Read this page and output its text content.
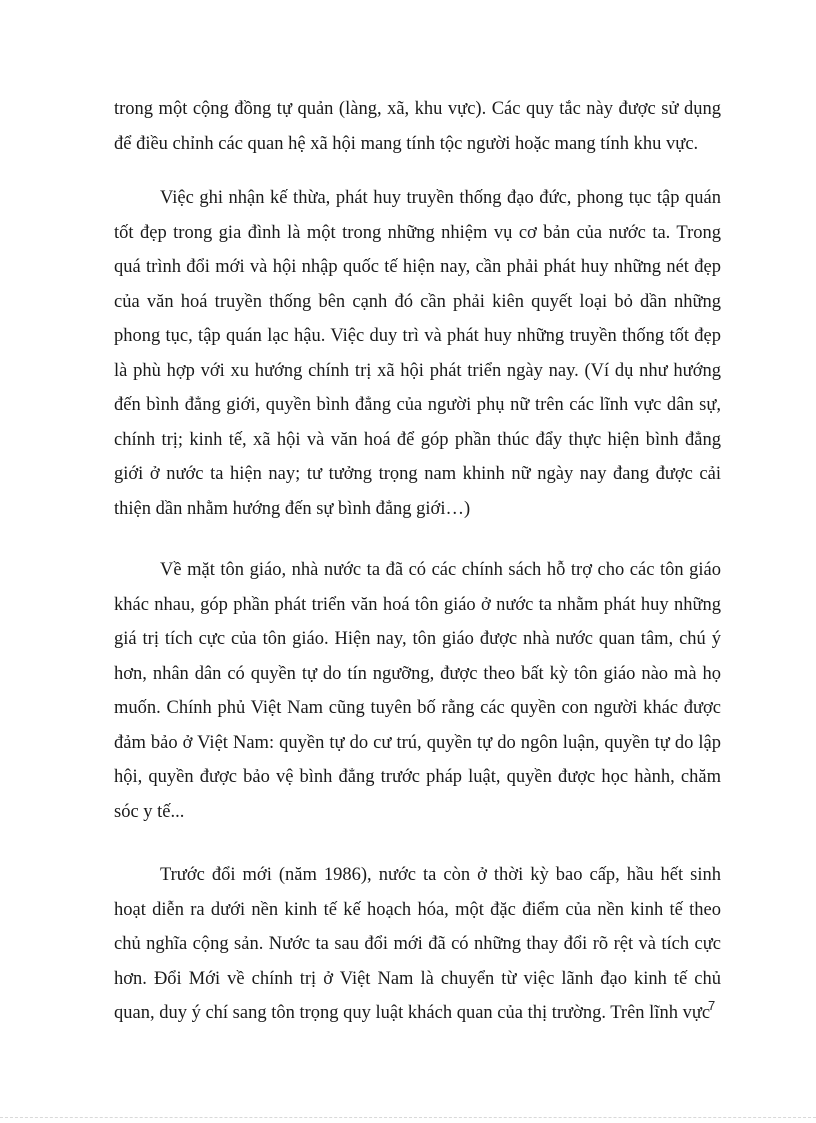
trong một cộng đồng tự quản (làng, xã, khu vực). Các quy tắc này được sử dụng để điều chỉnh các quan hệ xã hội mang tính tộc người hoặc mang tính khu vực.

Việc ghi nhận kế thừa, phát huy truyền thống đạo đức, phong tục tập quán tốt đẹp trong gia đình là một trong những nhiệm vụ cơ bản của nước ta. Trong quá trình đổi mới và hội nhập quốc tế hiện nay, cần phải phát huy những nét đẹp của văn hoá truyền thống bên cạnh đó cần phải kiên quyết loại bỏ dần những phong tục, tập quán lạc hậu. Việc duy trì và phát huy những truyền thống tốt đẹp là phù hợp với xu hướng chính trị xã hội phát triển ngày nay. (Ví dụ như hướng đến bình đẳng giới, quyền bình đẳng của người phụ nữ trên các lĩnh vực dân sự, chính trị; kinh tế, xã hội và văn hoá để góp phần thúc đẩy thực hiện bình đẳng giới ở nước ta hiện nay; tư tưởng trọng nam khinh nữ ngày nay đang được cải thiện dần nhằm hướng đến sự bình đẳng giới…)

Về mặt tôn giáo, nhà nước ta đã có các chính sách hỗ trợ cho các tôn giáo khác nhau, góp phần phát triển văn hoá tôn giáo ở nước ta nhằm phát huy những giá trị tích cực của tôn giáo. Hiện nay, tôn giáo được nhà nước quan tâm, chú ý hơn, nhân dân có quyền tự do tín ngưỡng, được theo bất kỳ tôn giáo nào mà họ muốn. Chính phủ Việt Nam cũng tuyên bố rằng các quyền con người khác được đảm bảo ở Việt Nam: quyền tự do cư trú, quyền tự do ngôn luận, quyền tự do lập hội, quyền được bảo vệ bình đẳng trước pháp luật, quyền được học hành, chăm sóc y tế...

Trước đổi mới (năm 1986), nước ta còn ở thời kỳ bao cấp, hầu hết sinh hoạt diễn ra dưới nền kinh tế kế hoạch hóa, một đặc điểm của nền kinh tế theo chủ nghĩa cộng sản. Nước ta sau đổi mới đã có những thay đổi rõ rệt và tích cực hơn. Đổi Mới về chính trị ở Việt Nam là chuyển từ việc lãnh đạo kinh tế chủ quan, duy ý chí sang tôn trọng quy luật khách quan của thị trường. Trên lĩnh vực

7
